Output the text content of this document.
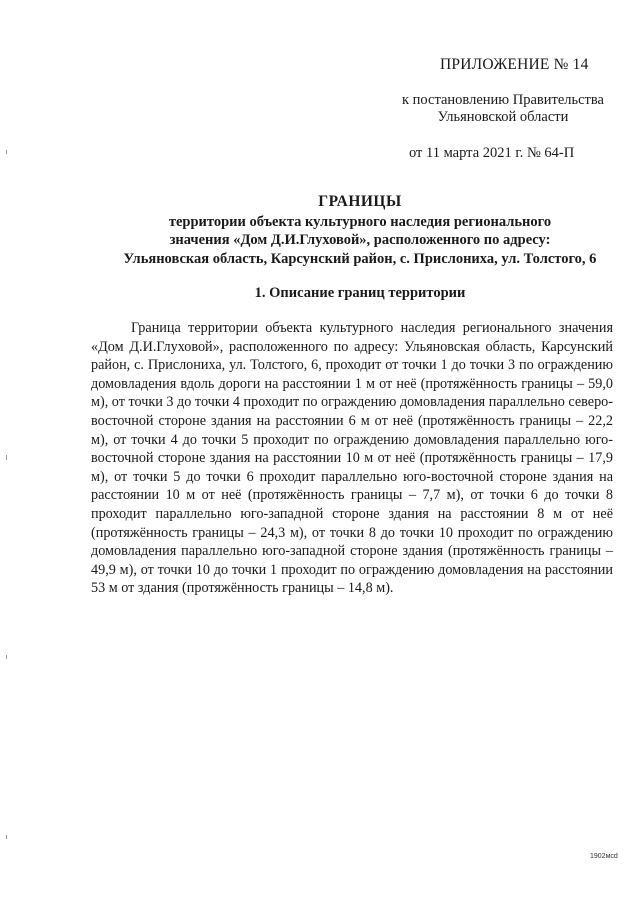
ПРИЛОЖЕНИЕ № 14
к постановлению Правительства
Ульяновской области
от 11 марта 2021 г. № 64-П
ГРАНИЦЫ
территории объекта культурного наследия регионального
значения «Дом Д.И.Глуховой», расположенного по адресу:
Ульяновская область, Карсунский район, с. Прислониха, ул. Толстого, 6
1. Описание границ территории

Граница территории объекта культурного наследия регионального значения «Дом Д.И.Глуховой», расположенного по адресу: Ульяновская область, Карсунский район, с. Прислониха, ул. Толстого, 6, проходит от точки 1 до точки 3 по ограждению домовладения вдоль дороги на расстоянии 1 м от неё (протяжённость границы – 59,0 м), от точки 3 до точки 4 проходит по ограждению домовладения параллельно северо-восточной стороне здания на расстоянии 6 м от неё (протяжённость границы – 22,2 м), от точки 4 до точки 5 проходит по ограждению домовладения параллельно юго-восточной стороне здания на расстоянии 10 м от неё (протяжённость границы – 17,9 м), от точки 5 до точки 6 проходит параллельно юго-восточной стороне здания на расстоянии 10 м от неё (протяжённость границы – 7,7 м), от точки 6 до точки 8 проходит параллельно юго-западной стороне здания на расстоянии 8 м от неё (протяжённость границы – 24,3 м), от точки 8 до точки 10 проходит по ограждению домовладения параллельно юго-западной стороне здания (протяжённость границы – 49,9 м), от точки 10 до точки 1 проходит по ограждению домовладения на расстоянии 53 м от здания (протяжённость границы – 14,8 м).

1902мсd
